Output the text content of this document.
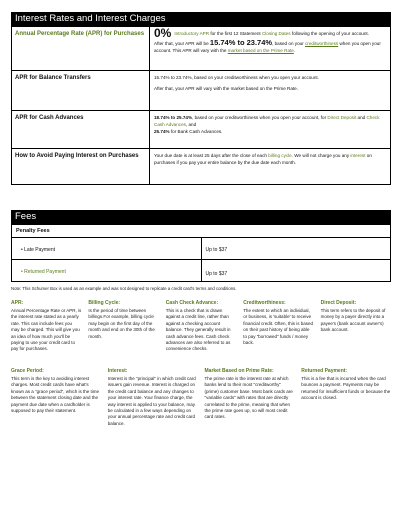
Interest Rates and Interest Charges
Annual Percentage Rate (APR) for Purchases	0% Introductory APR for the first 12 Statement Closing Dates following the opening of your account.
After that, your APR will be 15.74% to 23.74%, based on your creditworthiness when you open your account. This APR will vary with the market based on the Prime Rate.

APR for Balance Transfers	15.74% to 23.74%, based on your creditworthiness when you open your account.
After that, your APR will vary with the market based on the Prime Rate.

APR for Cash Advances	18.74% to 25.74%, based on your creditworthiness when you open your account, for Direct Deposit and Check Cash Advances, and
25.74% for Bank Cash Advances.
How to Avoid Paying Interest on Purchases	Your due date is at least 25 days after the close of each billing cycle. We will not charge you any interest on purchases if you pay your entire balance by the due date each month.
Fees
Penalty Fees	

• Late Payment	Up to $37

• Returned Payment	Up to $37
Note: This Schumer Box is used as an example and was not designed to replicate a credit card's terms and conditions.
APR:

Annual Percentage Rate or APR, is the interest rate stated as a yearly rate. This can include fees you may be charged. This will give you an idea of how much you'll be paying to use your credit card to pay for purchases.

Billing Cycle:

Is the period of time between billings.For example, billing cycle may begin on the first day of the month and end on the 30th of the month.

Cash Check Advance:

This is a check that is drawn against a credit line, rather than against a checking account balance. They generally result in cash advance fees. Cash check advances are also referred to as convenience checks.

Creditworthiness:

The extent to which an individual, or business, is 'suitable' to receive financial credit. Often, this is based on their past history of being able to pay "borrowed" funds / money back.

Direct Deposit:

This term refers to the deposit of money by a payer directly into a payee's (bank account owner's) bank account.

Grace Period:

This term is the key to avoiding interest charges. Most credit cards have what's known as a "grace period", which is the time between the statement closing date and the payment due date when a cardholder is supposed to pay their statement.

Interest:

Interest is the "principal" in which credit card issuers gain revenue. Interest is charged on the credit card balance and any changes to your interest rate. Your finance charge, the way interest is applied to your balance, may be calculated in a few ways depending on your annual percentage rate and credit card balance.

Market Based on Prime Rate:

The prime rate is the interest rate at which banks lend to their most "creditworthy" (prime) customer base. Most bank cards are "variable cards" with rates that are directly correlated to the prime, meaning that when the prime rate goes up, so will most credit card rates.

Returned Payment:

This is a fee that is incurred when the card bounces a payment. Payments may be returned for insufficient funds or because the account is closed.
